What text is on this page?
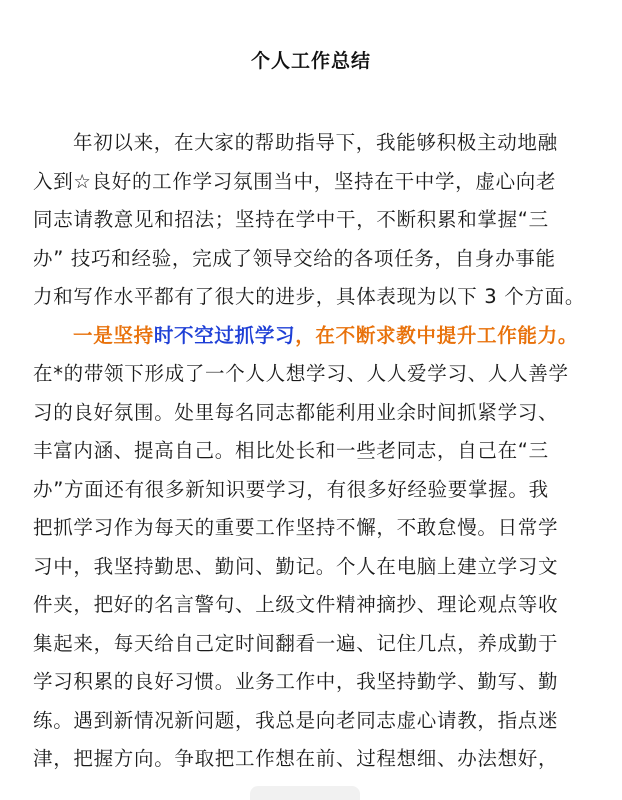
个人工作总结
年初以来，在大家的帮助指导下，我能够积极主动地融
入到☆良好的工作学习氛围当中，坚持在干中学，虚心向老
同志请教意见和招法；坚持在学中干，不断积累和掌握“三
办” 技巧和经验，完成了领导交给的各项任务，自身办事能
力和写作水平都有了很大的进步，具体表现为以下 3 个方面。
一是坚持时不空过抓学习，在不断求教中提升工作能力。
在*的带领下形成了一个人人想学习、人人爱学习、人人善学
习的良好氛围。处里每名同志都能利用业余时间抓紧学习、
丰富内涵、提高自己。相比处长和一些老同志，自己在“三
办”方面还有很多新知识要学习，有很多好经验要掌握。我
把抓学习作为每天的重要工作坚持不懈，不敢怠慢。日常学
习中，我坚持勤思、勤问、勤记。个人在电脑上建立学习文
件夹，把好的名言警句、上级文件精神摘抄、理论观点等收
集起来，每天给自己定时间翻看一遍、记住几点，养成勤于
学习积累的良好习惯。业务工作中，我坚持勤学、勤写、勤
练。遇到新情况新问题，我总是向老同志虚心请教，指点迷
津，把握方向。争取把工作想在前、过程想细、办法想好，
